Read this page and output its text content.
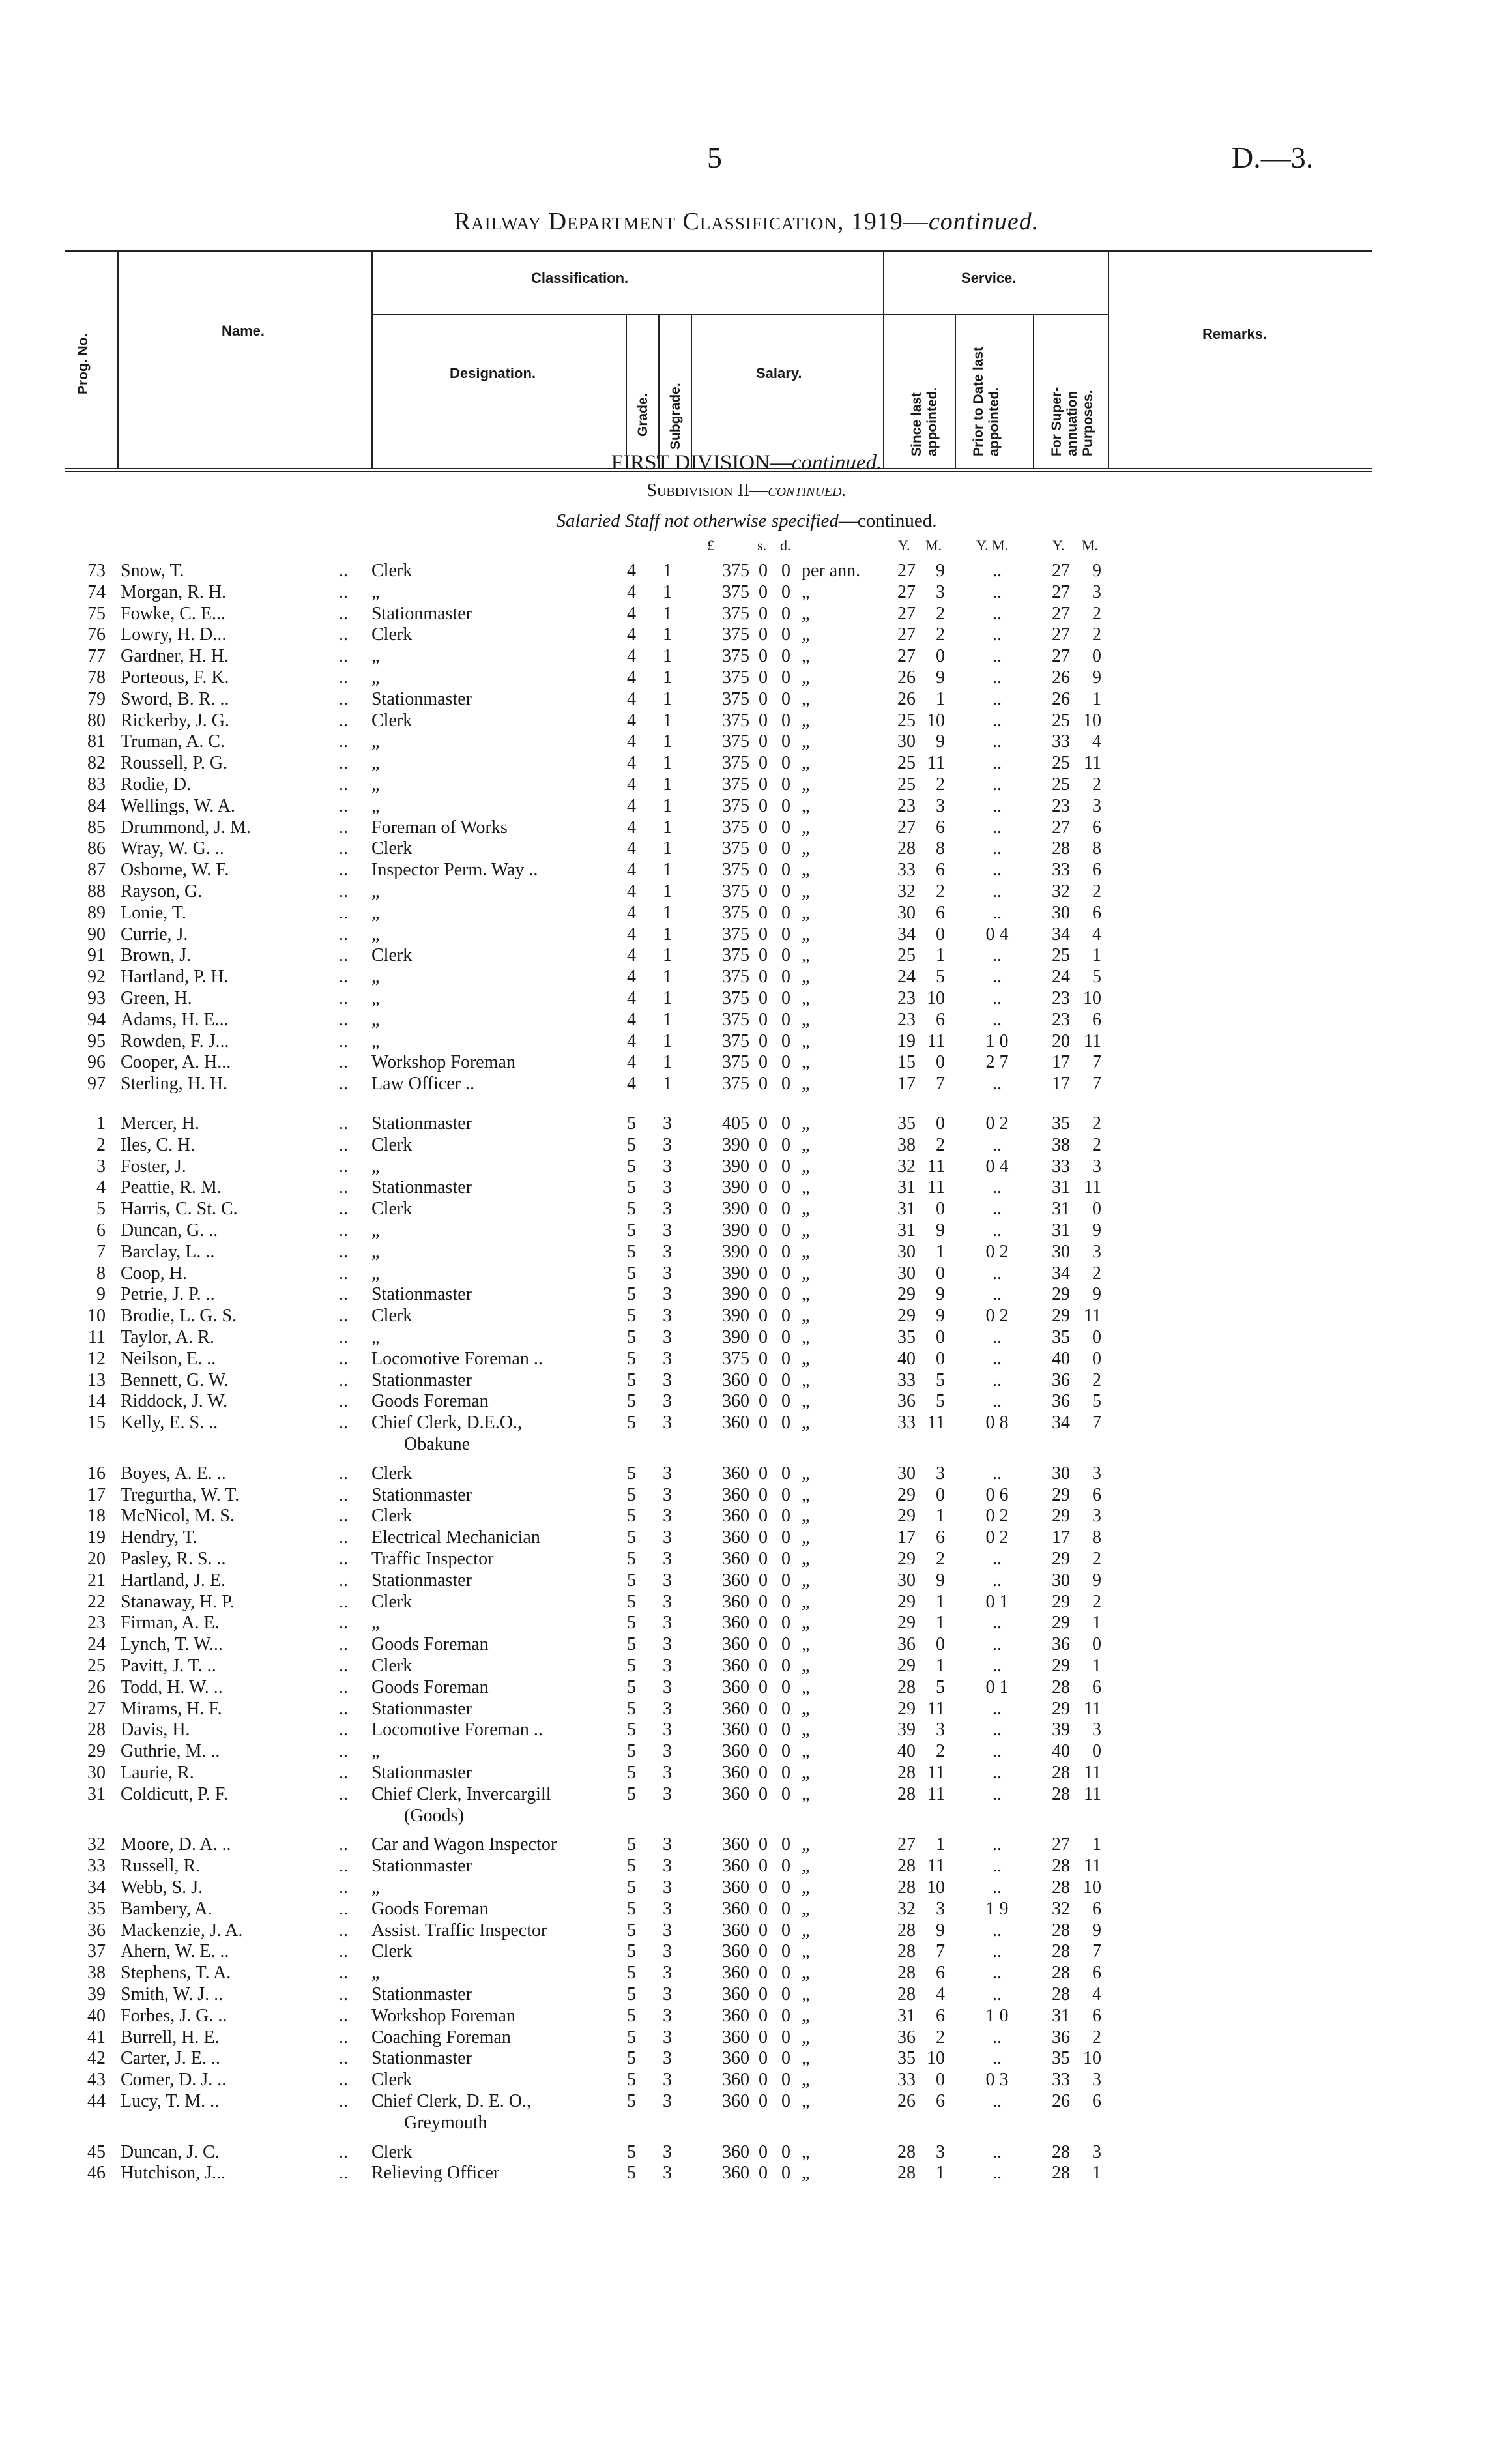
5	D.—3.
Railway Department Classification, 1919—continued.
Prog. No.
Name.
Classification.	Service.
Designation.
Grade. Subgrade.
Salary.
Since last appointed. Prior to Date last appointed.	For Super-annuation Purposes.
Remarks.
FIRST DIVISION—continued.
Subdivision II—continued.
Salaried Staff not otherwise specified—continued.
£	s. d.	Y. M. Y. M.	Y. M.
73 Snow, T.	.. Clerk	4 1	375 0 0 per ann.	27	9	..	27	9
74 Morgan, R. H.	.. „	4 1	375 0 0 „	27	3	..	27	3
75 Fowke, C. E...	.. Stationmaster	4 1	375 0 0 „	27	2	..	27	2
76 Lowry, H. D...	.. Clerk	4 1	375 0 0 „	27	2	..	27	2
77 Gardner, H. H.	.. „	4 1	375 0 0 „	27	0	..	27	0
78 Porteous, F. K.	.. „	4 1	375 0 0 „	26	9	..	26	9
79 Sword, B. R. ..	.. Stationmaster	4 1	375 0 0 „	26	1	..	26	1
80 Rickerby, J. G.	.. Clerk	4 1	375 0 0 „	25 10	..	25 10
81 Truman, A. C.	.. „	4 1	375 0 0 „	30	9	..	33	4
82 Roussell, P. G.	.. „	4 1	375 0 0 „	25 11	..	25 11
83 Rodie, D.	.. „	4 1	375 0 0 „	25	2	..	25	2
84 Wellings, W. A.	.. „	4 1	375 0 0 „	23	3	..	23	3
85 Drummond, J. M.	.. Foreman of Works	4 1	375 0 0 „	27	6	..	27	6
86 Wray, W. G. ..	.. Clerk	4 1	375 0 0 „	28	8	..	28	8
87 Osborne, W. F.	.. Inspector Perm. Way ..	4 1	375 0 0 „	33	6	..	33	6
88 Rayson, G.	.. „	4 1	375 0 0 „	32	2	..	32	2
89 Lonie, T.	.. „	4 1	375 0 0 „	30	6	..	30	6
90 Currie, J.	.. „	4 1	375 0 0 „	34	0	0 4	34	4
91 Brown, J.	.. Clerk	4 1	375 0 0 „	25	1	..	25	1
92 Hartland, P. H.	.. „	4 1	375 0 0 „	24	5	..	24	5
93 Green, H.	.. „	4 1	375 0 0 „	23 10	..	23 10
94 Adams, H. E...	.. „	4 1	375 0 0 „	23	6	..	23	6
95 Rowden, F. J...	.. „	4 1	375 0 0 „	19 11	1 0	20 11
96 Cooper, A. H...	.. Workshop Foreman	4 1	375 0 0 „	15	0	2 7	17	7
97 Sterling, H. H.	.. Law Officer ..	4 1	375 0 0 „	17	7	..	17	7
1 Mercer, H.	.. Stationmaster	5 3	405 0 0 „	35	0	0 2	35	2
2 Iles, C. H.	.. Clerk	5 3	390 0 0 „	38	2	..	38	2
3 Foster, J.	.. „	5 3	390 0 0 „	32 11	0 4	33	3
4 Peattie, R. M.	.. Stationmaster	5 3	390 0 0 „	31 11	..	31 11
5 Harris, C. St. C.	.. Clerk	5 3	390 0 0 „	31	0	..	31	0
6 Duncan, G. ..	.. „	5 3	390 0 0 „	31	9	..	31	9
7 Barclay, L. ..	.. „	5 3	390 0 0 „	30	1	0 2	30	3
8 Coop, H.	.. „	5 3	390 0 0 „	30	0	..	34	2
9 Petrie, J. P. ..	.. Stationmaster	5 3	390 0 0 „	29	9	..	29	9
10 Brodie, L. G. S.	.. Clerk	5 3	390 0 0 „	29	9	0 2	29 11
11 Taylor, A. R.	.. „	5 3	390 0 0 „	35	0	..	35	0
12 Neilson, E. ..	.. Locomotive Foreman ..	5 3	375 0 0 „	40	0	..	40	0
13 Bennett, G. W.	.. Stationmaster	5 3	360 0 0 „	33	5	..	36	2
14 Riddock, J. W.	.. Goods Foreman	5 3	360 0 0 „	36	5	..	36	5
15 Kelly, E. S. ..	.. Chief Clerk, D.E.O.,	5 3	360 0 0 „	33 11	0 8	34	7
Obakune
16 Boyes, A. E. ..	.. Clerk	5 3	360 0 0 „	30	3	..	30	3
17 Tregurtha, W. T.	.. Stationmaster	5 3	360 0 0 „	29	0	0 6	29	6
18 McNicol, M. S.	.. Clerk	5 3	360 0 0 „	29	1	0 2	29	3
19 Hendry, T.	.. Electrical Mechanician	5 3	360 0 0 „	17	6	0 2	17	8
20 Pasley, R. S. ..	.. Traffic Inspector	5 3	360 0 0 „	29	2	..	29	2
21 Hartland, J. E.	.. Stationmaster	5 3	360 0 0 „	30	9	..	30	9
22 Stanaway, H. P.	.. Clerk	5 3	360 0 0 „	29	1	0 1	29	2
23 Firman, A. E.	.. „	5 3	360 0 0 „	29	1	..	29	1
24 Lynch, T. W...	.. Goods Foreman	5 3	360 0 0 „	36	0	..	36	0
25 Pavitt, J. T. ..	.. Clerk	5 3	360 0 0 „	29	1	..	29	1
26 Todd, H. W. ..	.. Goods Foreman	5 3	360 0 0 „	28	5	0 1	28	6
27 Mirams, H. F.	.. Stationmaster	5 3	360 0 0 „	29 11	..	29 11
28 Davis, H.	.. Locomotive Foreman ..	5 3	360 0 0 „	39	3	..	39	3
29 Guthrie, M. ..	.. „	5 3	360 0 0 „	40	2	..	40	0
30 Laurie, R.	.. Stationmaster	5 3	360 0 0 „	28 11	..	28 11
31 Coldicutt, P. F.	.. Chief Clerk, Invercargill	5 3	360 0 0 „	28 11	..	28 11
(Goods)
32 Moore, D. A. ..	.. Car and Wagon Inspector	5 3	360 0 0 „	27	1	..	27	1
33 Russell, R.	.. Stationmaster	5 3	360 0 0 „	28 11	..	28 11
34 Webb, S. J.	.. „	5 3	360 0 0 „	28 10	..	28 10
35 Bambery, A.	.. Goods Foreman	5 3	360 0 0 „	32	3	1 9	32	6
36 Mackenzie, J. A.	.. Assist. Traffic Inspector	5 3	360 0 0 „	28	9	..	28	9
37 Ahern, W. E. ..	.. Clerk	5 3	360 0 0 „	28	7	..	28	7
38 Stephens, T. A.	.. „	5 3	360 0 0 „	28	6	..	28	6
39 Smith, W. J. ..	.. Stationmaster	5 3	360 0 0 „	28	4	..	28	4
40 Forbes, J. G. ..	.. Workshop Foreman	5 3	360 0 0 „	31	6	1 0	31	6
41 Burrell, H. E.	.. Coaching Foreman	5 3	360 0 0 „	36	2	..	36	2
42 Carter, J. E. ..	.. Stationmaster	5 3	360 0 0 „	35 10	..	35 10
43 Comer, D. J. ..	.. Clerk	5 3	360 0 0 „	33	0	0 3	33	3
44 Lucy, T. M. ..	.. Chief Clerk, D. E. O.,	5 3	360 0 0 „	26	6	..	26	6
Greymouth
45 Duncan, J. C.	.. Clerk	5 3	360 0 0 „	28	3	..	28	3
46 Hutchison, J...	.. Relieving Officer	5 3	360 0 0 „	28	1	..	28	1
